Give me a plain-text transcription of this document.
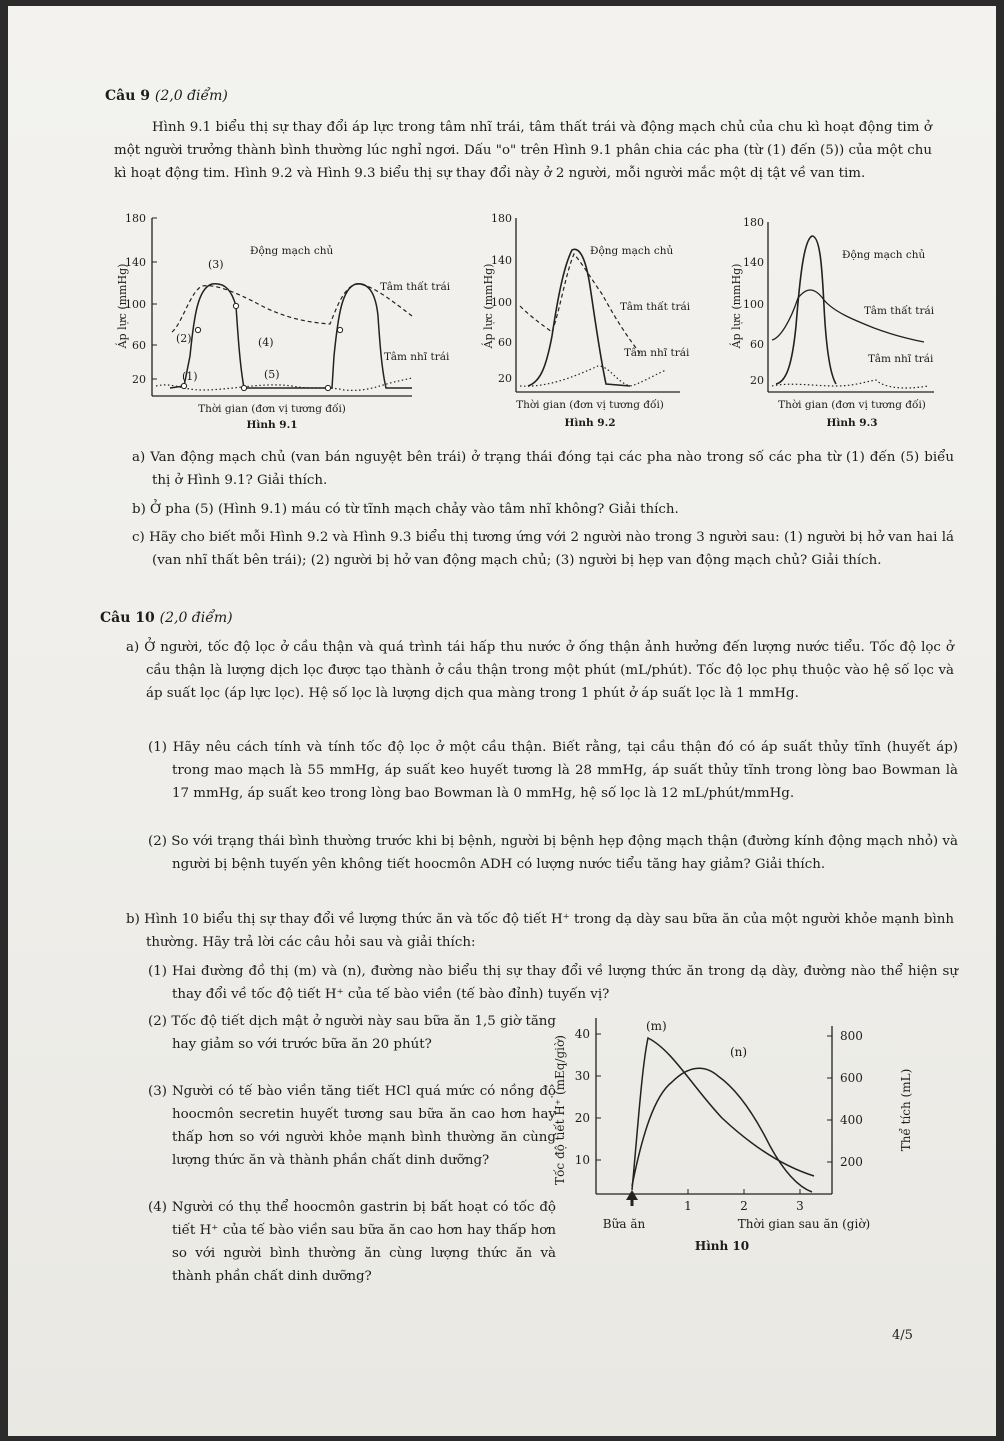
Câu 9 (2,0 điểm)

Hình 9.1 biểu thị sự thay đổi áp lực trong tâm nhĩ trái, tâm thất trái và động mạch chủ của chu kì hoạt động tim ở một người trưởng thành bình thường lúc nghỉ ngơi. Dấu "o" trên Hình 9.1 phân chia các pha (từ (1) đến (5)) của một chu kì hoạt động tim. Hình 9.2 và Hình 9.3 biểu thị sự thay đổi này ở 2 người, mỗi người mắc một dị tật về van tim.

180
140
100
60
20
Áp lực (mmHg)
(1)
(2)
(3)
(4)
(5)
Động mạch chủ
Tâm thất trái
Tâm nhĩ trái
Thời gian (đơn vị tương đối)
Hình 9.1
180
140
100
60
20
Áp lực (mmHg)
Động mạch chủ
Tâm thất trái
Tâm nhĩ trái
Thời gian (đơn vị tương đối)
Hình 9.2
180
140
100
60
20
Áp lực (mmHg)
Động mạch chủ
Tâm thất trái
Tâm nhĩ trái
Thời gian (đơn vị tương đối)
Hình 9.3

a) Van động mạch chủ (van bán nguyệt bên trái) ở trạng thái đóng tại các pha nào trong số các pha từ (1) đến (5) biểu thị ở Hình 9.1? Giải thích.

b) Ở pha (5) (Hình 9.1) máu có từ tĩnh mạch chảy vào tâm nhĩ không? Giải thích.

c) Hãy cho biết mỗi Hình 9.2 và Hình 9.3 biểu thị tương ứng với 2 người nào trong 3 người sau: (1) người bị hở van hai lá (van nhĩ thất bên trái); (2) người bị hở van động mạch chủ; (3) người bị hẹp van động mạch chủ? Giải thích.

Câu 10 (2,0 điểm)

a) Ở người, tốc độ lọc ở cầu thận và quá trình tái hấp thu nước ở ống thận ảnh hưởng đến lượng nước tiểu. Tốc độ lọc ở cầu thận là lượng dịch lọc được tạo thành ở cầu thận trong một phút (mL/phút). Tốc độ lọc phụ thuộc vào hệ số lọc và áp suất lọc (áp lực lọc). Hệ số lọc là lượng dịch qua màng trong 1 phút ở áp suất lọc là 1 mmHg.

(1) Hãy nêu cách tính và tính tốc độ lọc ở một cầu thận. Biết rằng, tại cầu thận đó có áp suất thủy tĩnh (huyết áp) trong mao mạch là 55 mmHg, áp suất keo huyết tương là 28 mmHg, áp suất thủy tĩnh trong lòng bao Bowman là 17 mmHg, áp suất keo trong lòng bao Bowman là 0 mmHg, hệ số lọc là 12 mL/phút/mmHg.

(2) So với trạng thái bình thường trước khi bị bệnh, người bị bệnh hẹp động mạch thận (đường kính động mạch nhỏ) và người bị bệnh tuyến yên không tiết hoocmôn ADH có lượng nước tiểu tăng hay giảm? Giải thích.

b) Hình 10 biểu thị sự thay đổi về lượng thức ăn và tốc độ tiết H⁺ trong dạ dày sau bữa ăn của một người khỏe mạnh bình thường. Hãy trả lời các câu hỏi sau và giải thích:

(1) Hai đường đồ thị (m) và (n), đường nào biểu thị sự thay đổi về lượng thức ăn trong dạ dày, đường nào thể hiện sự thay đổi về tốc độ tiết H⁺ của tế bào viền (tế bào đỉnh) tuyến vị?

(2) Tốc độ tiết dịch mật ở người này sau bữa ăn 1,5 giờ tăng hay giảm so với trước bữa ăn 20 phút?

(3) Người có tế bào viền tăng tiết HCl quá mức có nồng độ hoocmôn secretin huyết tương sau bữa ăn cao hơn hay thấp hơn so với người khỏe mạnh bình thường ăn cùng lượng thức ăn và thành phần chất dinh dưỡng?

(4) Người có thụ thể hoocmôn gastrin bị bất hoạt có tốc độ tiết H⁺ của tế bào viền sau bữa ăn cao hơn hay thấp hơn so với người bình thường ăn cùng lượng thức ăn và thành phần chất dinh dưỡng?

40
30
20
10
800
600
400
200
Tốc độ tiết H⁺ (mEq/giờ)	Thể tích (mL)
(m)
(n)
1	2	3
Bữa ăn	Thời gian sau ăn (giờ)
Hình 10
4/5
